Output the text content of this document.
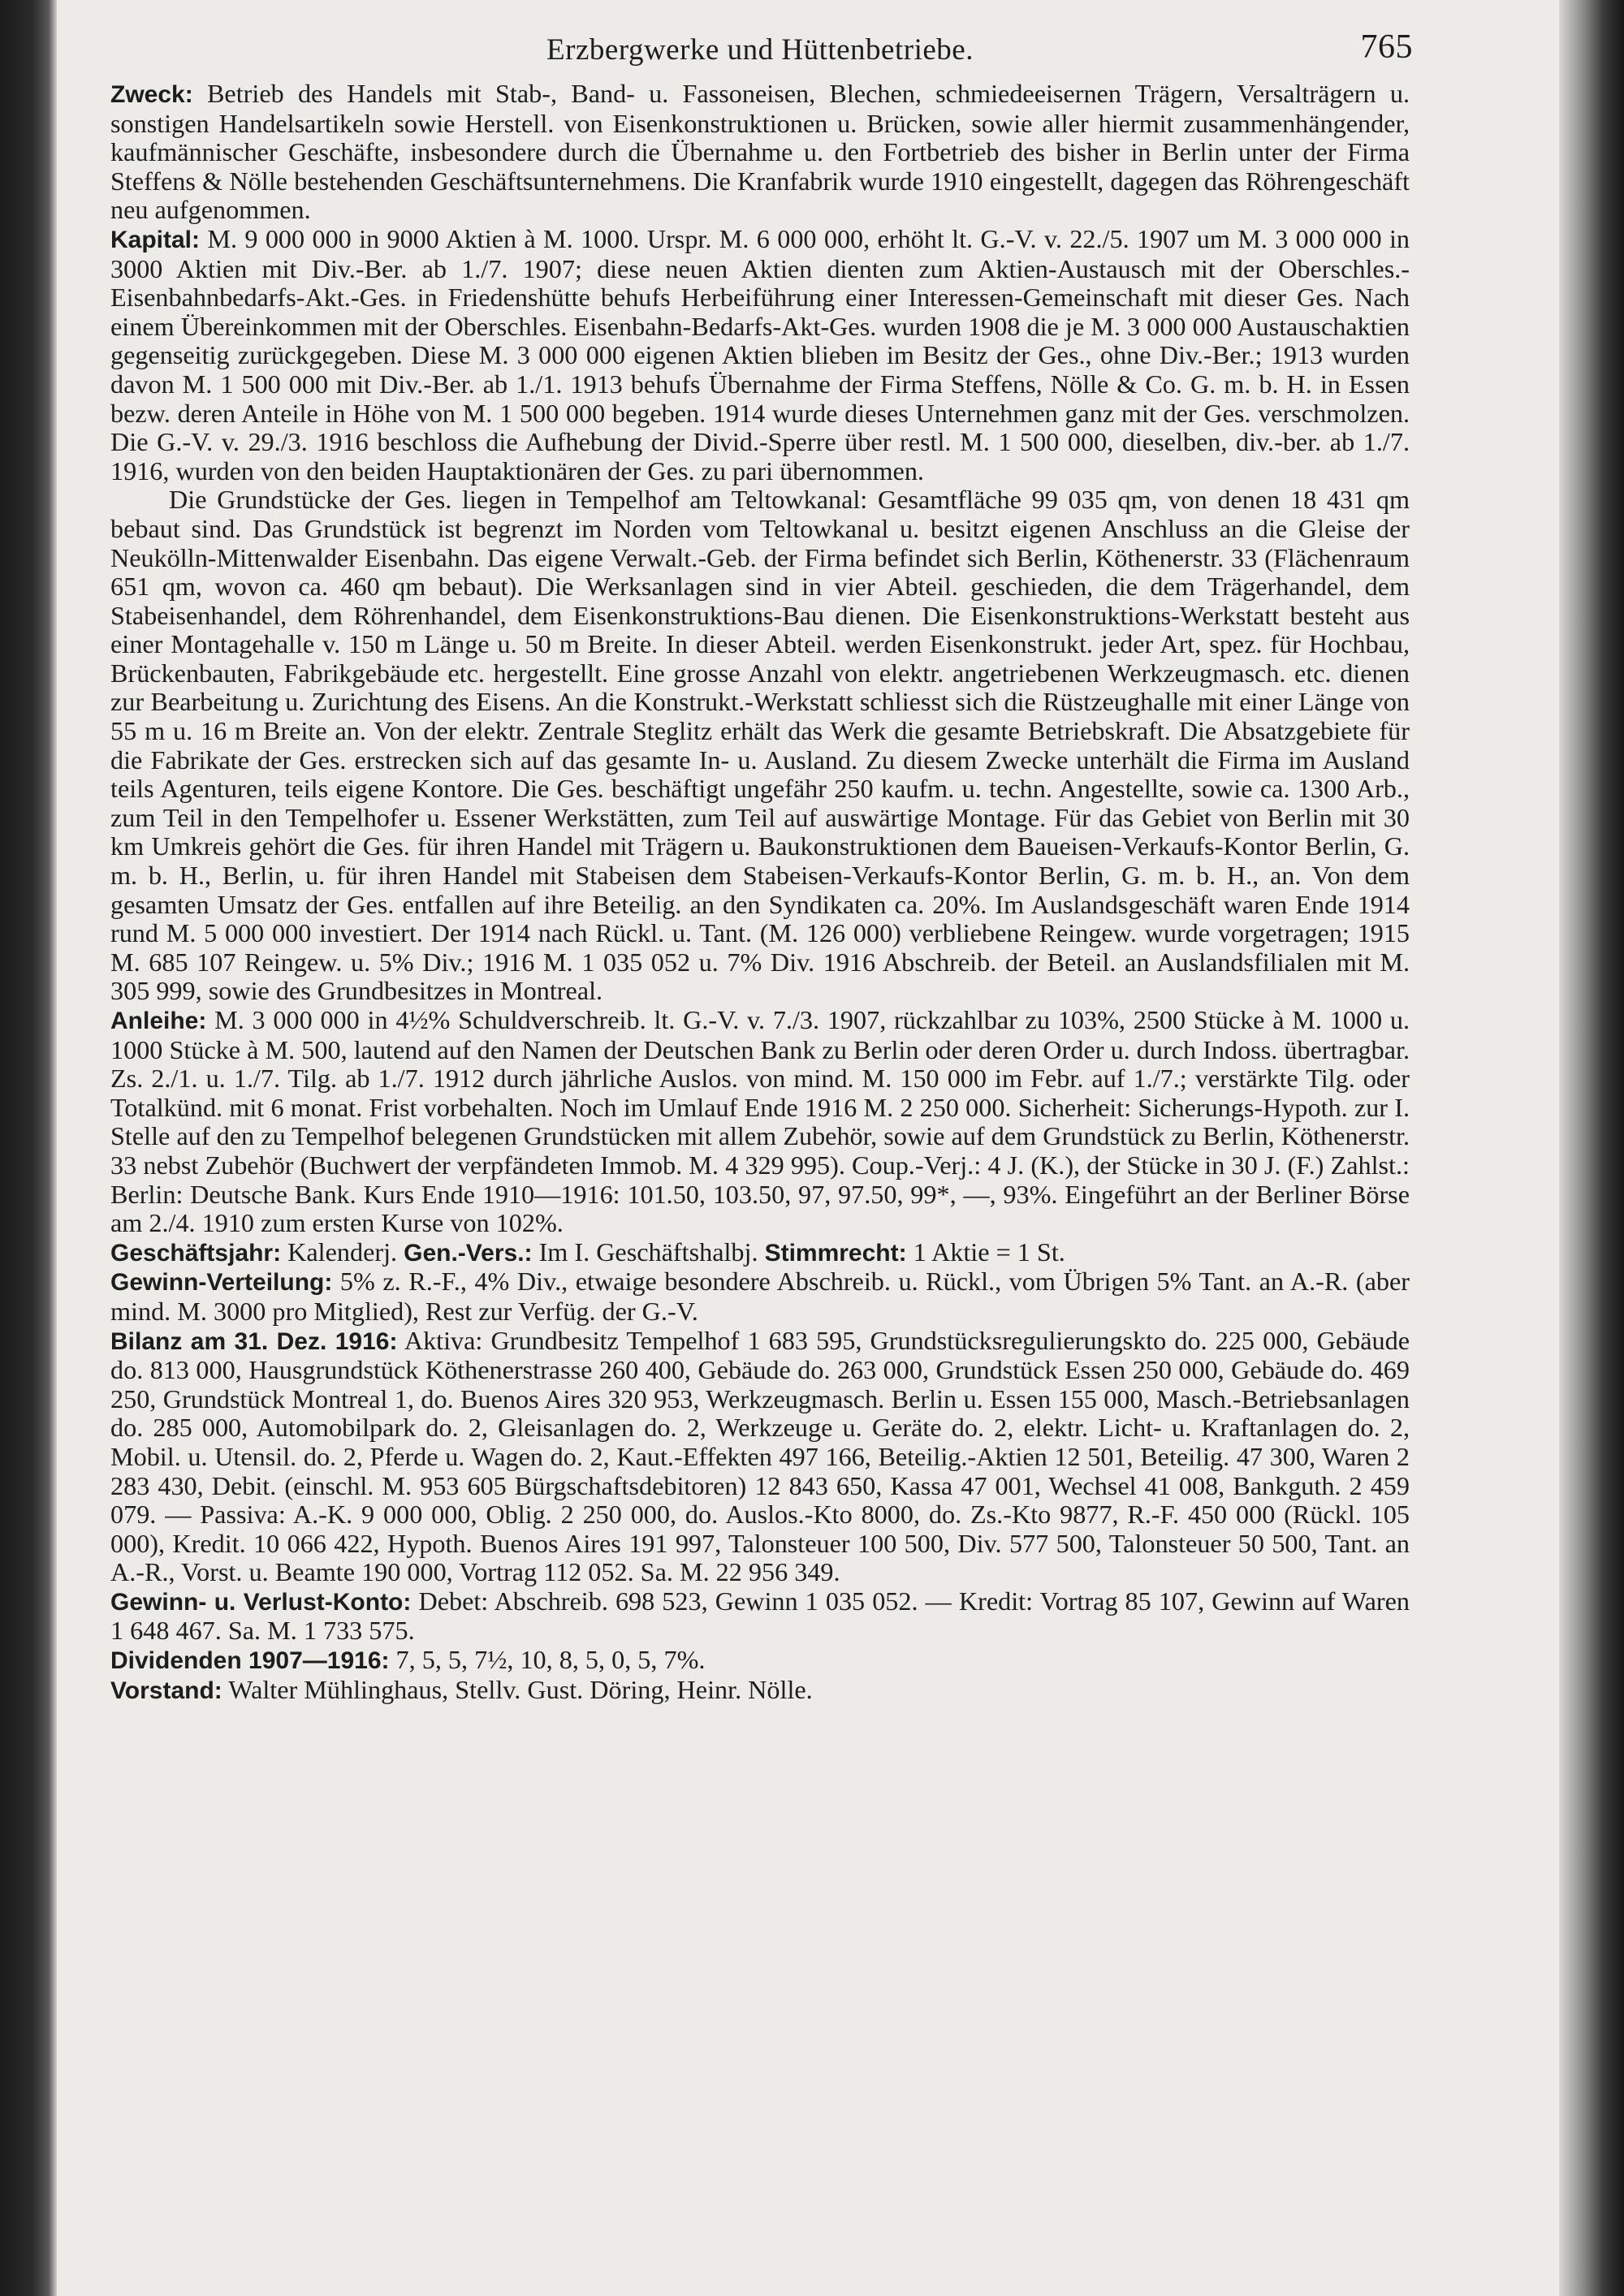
Erzbergwerke und Hüttenbetriebe.	765

Zweck: Betrieb des Handels mit Stab-, Band- u. Fassoneisen, Blechen, schmiedeeisernen Trägern, Versalträgern u. sonstigen Handelsartikeln sowie Herstell. von Eisenkonstruktionen u. Brücken, sowie aller hiermit zusammenhängender, kaufmännischer Geschäfte, insbesondere durch die Übernahme u. den Fortbetrieb des bisher in Berlin unter der Firma Steffens & Nölle bestehenden Geschäftsunternehmens. Die Kranfabrik wurde 1910 eingestellt, dagegen das Röhrengeschäft neu aufgenommen.

Kapital: M. 9 000 000 in 9000 Aktien à M. 1000. Urspr. M. 6 000 000, erhöht lt. G.-V. v. 22./5. 1907 um M. 3 000 000 in 3000 Aktien mit Div.-Ber. ab 1./7. 1907; diese neuen Aktien dienten zum Aktien-Austausch mit der Oberschles.-Eisenbahnbedarfs-Akt.-Ges. in Friedenshütte behufs Herbeiführung einer Interessen-Gemeinschaft mit dieser Ges. Nach einem Übereinkommen mit der Oberschles. Eisenbahn-Bedarfs-Akt-Ges. wurden 1908 die je M. 3 000 000 Austauschaktien gegenseitig zurückgegeben. Diese M. 3 000 000 eigenen Aktien blieben im Besitz der Ges., ohne Div.-Ber.; 1913 wurden davon M. 1 500 000 mit Div.-Ber. ab 1./1. 1913 behufs Übernahme der Firma Steffens, Nölle & Co. G. m. b. H. in Essen bezw. deren Anteile in Höhe von M. 1 500 000 begeben. 1914 wurde dieses Unternehmen ganz mit der Ges. verschmolzen. Die G.-V. v. 29./3. 1916 beschloss die Aufhebung der Divid.-Sperre über restl. M. 1 500 000, dieselben, div.-ber. ab 1./7. 1916, wurden von den beiden Hauptaktionären der Ges. zu pari übernommen.

Die Grundstücke der Ges. liegen in Tempelhof am Teltowkanal: Gesamtfläche 99 035 qm, von denen 18 431 qm bebaut sind. Das Grundstück ist begrenzt im Norden vom Teltowkanal u. besitzt eigenen Anschluss an die Gleise der Neukölln-Mittenwalder Eisenbahn. Das eigene Verwalt.-Geb. der Firma befindet sich Berlin, Köthenerstr. 33 (Flächenraum 651 qm, wovon ca. 460 qm bebaut). Die Werksanlagen sind in vier Abteil. geschieden, die dem Trägerhandel, dem Stabeisenhandel, dem Röhrenhandel, dem Eisenkonstruktions-Bau dienen. Die Eisenkonstruktions-Werkstatt besteht aus einer Montagehalle v. 150 m Länge u. 50 m Breite. In dieser Abteil. werden Eisenkonstrukt. jeder Art, spez. für Hochbau, Brückenbauten, Fabrikgebäude etc. hergestellt. Eine grosse Anzahl von elektr. angetriebenen Werkzeugmasch. etc. dienen zur Bearbeitung u. Zurichtung des Eisens. An die Konstrukt.-Werkstatt schliesst sich die Rüstzeughalle mit einer Länge von 55 m u. 16 m Breite an. Von der elektr. Zentrale Steglitz erhält das Werk die gesamte Betriebskraft. Die Absatzgebiete für die Fabrikate der Ges. erstrecken sich auf das gesamte In- u. Ausland. Zu diesem Zwecke unterhält die Firma im Ausland teils Agenturen, teils eigene Kontore. Die Ges. beschäftigt ungefähr 250 kaufm. u. techn. Angestellte, sowie ca. 1300 Arb., zum Teil in den Tempelhofer u. Essener Werkstätten, zum Teil auf auswärtige Montage. Für das Gebiet von Berlin mit 30 km Umkreis gehört die Ges. für ihren Handel mit Trägern u. Baukonstruktionen dem Baueisen-Verkaufs-Kontor Berlin, G. m. b. H., Berlin, u. für ihren Handel mit Stabeisen dem Stabeisen-Verkaufs-Kontor Berlin, G. m. b. H., an. Von dem gesamten Umsatz der Ges. entfallen auf ihre Beteilig. an den Syndikaten ca. 20%. Im Auslandsgeschäft waren Ende 1914 rund M. 5 000 000 investiert. Der 1914 nach Rückl. u. Tant. (M. 126 000) verbliebene Reingew. wurde vorgetragen; 1915 M. 685 107 Reingew. u. 5% Div.; 1916 M. 1 035 052 u. 7% Div. 1916 Abschreib. der Beteil. an Auslandsfilialen mit M. 305 999, sowie des Grundbesitzes in Montreal.

Anleihe: M. 3 000 000 in 4½% Schuldverschreib. lt. G.-V. v. 7./3. 1907, rückzahlbar zu 103%, 2500 Stücke à M. 1000 u. 1000 Stücke à M. 500, lautend auf den Namen der Deutschen Bank zu Berlin oder deren Order u. durch Indoss. übertragbar. Zs. 2./1. u. 1./7. Tilg. ab 1./7. 1912 durch jährliche Auslos. von mind. M. 150 000 im Febr. auf 1./7.; verstärkte Tilg. oder Totalkünd. mit 6 monat. Frist vorbehalten. Noch im Umlauf Ende 1916 M. 2 250 000. Sicherheit: Sicherungs-Hypoth. zur I. Stelle auf den zu Tempelhof belegenen Grundstücken mit allem Zubehör, sowie auf dem Grundstück zu Berlin, Köthenerstr. 33 nebst Zubehör (Buchwert der verpfändeten Immob. M. 4 329 995). Coup.-Verj.: 4 J. (K.), der Stücke in 30 J. (F.) Zahlst.: Berlin: Deutsche Bank. Kurs Ende 1910—1916: 101.50, 103.50, 97, 97.50, 99*, —, 93%. Eingeführt an der Berliner Börse am 2./4. 1910 zum ersten Kurse von 102%.

Geschäftsjahr: Kalenderj. Gen.-Vers.: Im I. Geschäftshalbj. Stimmrecht: 1 Aktie = 1 St.

Gewinn-Verteilung: 5% z. R.-F., 4% Div., etwaige besondere Abschreib. u. Rückl., vom Übrigen 5% Tant. an A.-R. (aber mind. M. 3000 pro Mitglied), Rest zur Verfüg. der G.-V.

Bilanz am 31. Dez. 1916: Aktiva: Grundbesitz Tempelhof 1 683 595, Grundstücksregulierungskto do. 225 000, Gebäude do. 813 000, Hausgrundstück Köthenerstrasse 260 400, Gebäude do. 263 000, Grundstück Essen 250 000, Gebäude do. 469 250, Grundstück Montreal 1, do. Buenos Aires 320 953, Werkzeugmasch. Berlin u. Essen 155 000, Masch.-Betriebsanlagen do. 285 000, Automobilpark do. 2, Gleisanlagen do. 2, Werkzeuge u. Geräte do. 2, elektr. Licht- u. Kraftanlagen do. 2, Mobil. u. Utensil. do. 2, Pferde u. Wagen do. 2, Kaut.-Effekten 497 166, Beteilig.-Aktien 12 501, Beteilig. 47 300, Waren 2 283 430, Debit. (einschl. M. 953 605 Bürgschaftsdebitoren) 12 843 650, Kassa 47 001, Wechsel 41 008, Bankguth. 2 459 079. — Passiva: A.-K. 9 000 000, Oblig. 2 250 000, do. Auslos.-Kto 8000, do. Zs.-Kto 9877, R.-F. 450 000 (Rückl. 105 000), Kredit. 10 066 422, Hypoth. Buenos Aires 191 997, Talonsteuer 100 500, Div. 577 500, Talonsteuer 50 500, Tant. an A.-R., Vorst. u. Beamte 190 000, Vortrag 112 052. Sa. M. 22 956 349.

Gewinn- u. Verlust-Konto: Debet: Abschreib. 698 523, Gewinn 1 035 052. — Kredit: Vortrag 85 107, Gewinn auf Waren 1 648 467. Sa. M. 1 733 575.

Dividenden 1907—1916: 7, 5, 5, 7½, 10, 8, 5, 0, 5, 7%.

Vorstand: Walter Mühlinghaus, Stellv. Gust. Döring, Heinr. Nölle.
